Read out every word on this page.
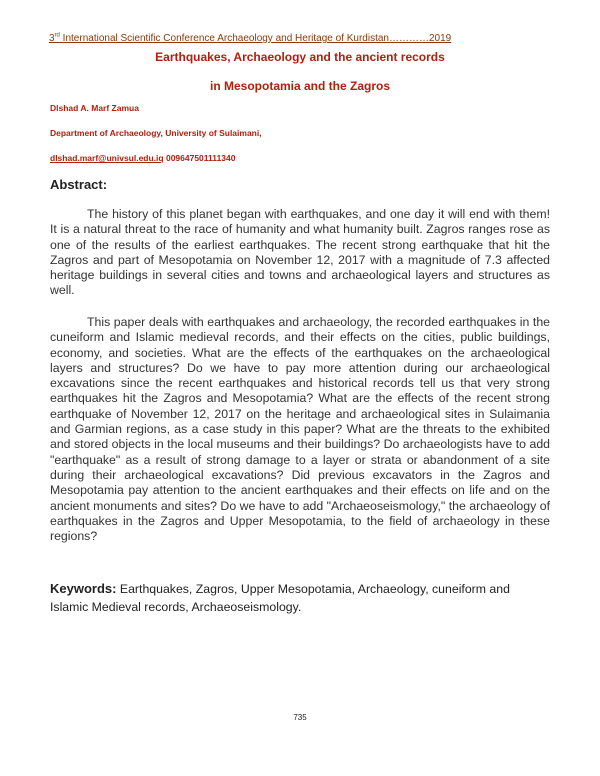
3rd International Scientific Conference Archaeology and Heritage of Kurdistan…………2019
Earthquakes, Archaeology and the ancient records
in Mesopotamia and the Zagros
Dlshad A. Marf Zamua
Department of Archaeology, University of Sulaimani,
dlshad.marf@univsul.edu.iq 009647501111340
Abstract:

The history of this planet began with earthquakes, and one day it will end with them! It is a natural threat to the race of humanity and what humanity built. Zagros ranges rose as one of the results of the earliest earthquakes. The recent strong earthquake that hit the Zagros and part of Mesopotamia on November 12, 2017 with a magnitude of 7.3 affected heritage buildings in several cities and towns and archaeological layers and structures as well.

This paper deals with earthquakes and archaeology, the recorded earthquakes in the cuneiform and Islamic medieval records, and their effects on the cities, public buildings, economy, and societies. What are the effects of the earthquakes on the archaeological layers and structures? Do we have to pay more attention during our archaeological excavations since the recent earthquakes and historical records tell us that very strong earthquakes hit the Zagros and Mesopotamia? What are the effects of the recent strong earthquake of November 12, 2017 on the heritage and archaeological sites in Sulaimania and Garmian regions, as a case study in this paper? What are the threats to the exhibited and stored objects in the local museums and their buildings? Do archaeologists have to add "earthquake" as a result of strong damage to a layer or strata or abandonment of a site during their archaeological excavations? Did previous excavators in the Zagros and Mesopotamia pay attention to the ancient earthquakes and their effects on life and on the ancient monuments and sites? Do we have to add "Archaeoseismology," the archaeology of earthquakes in the Zagros and Upper Mesopotamia, to the field of archaeology in these regions?

Keywords: Earthquakes, Zagros, Upper Mesopotamia, Archaeology, cuneiform and Islamic Medieval records, Archaeoseismology.

735
